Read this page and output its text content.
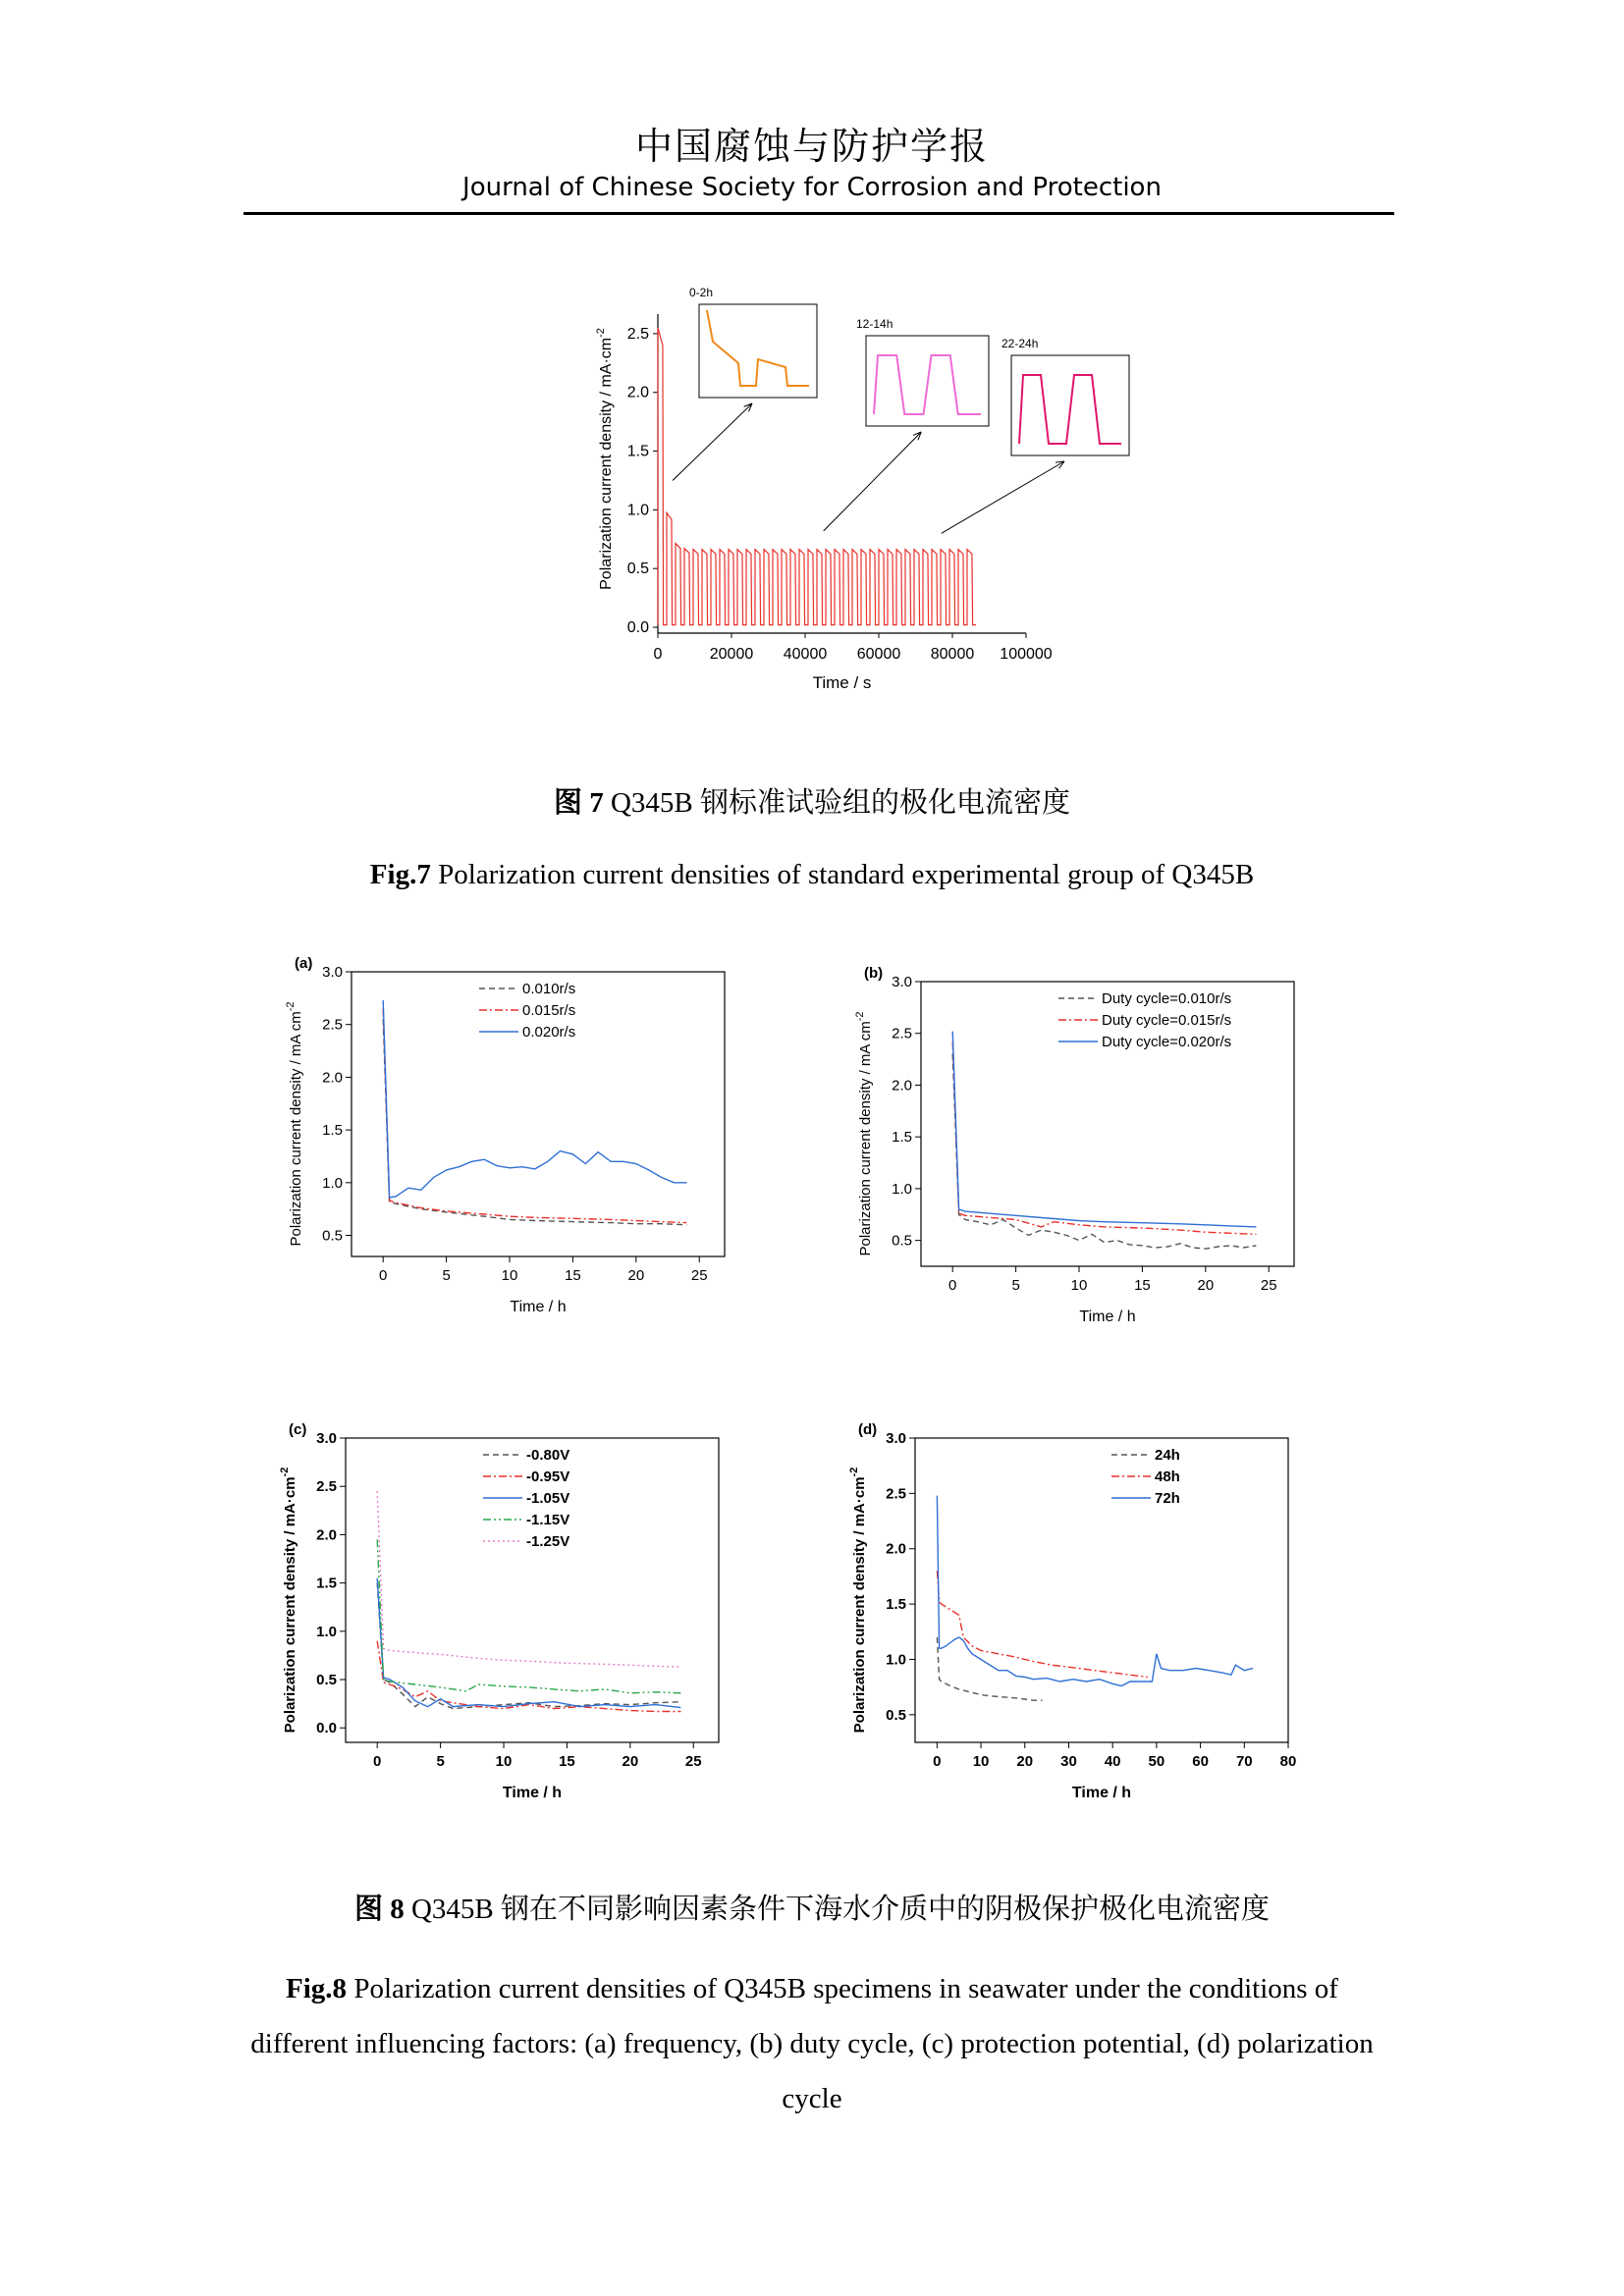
中国腐蚀与防护学报
Journal of Chinese Society for Corrosion and Protection
0.0
0.5
1.0
1.5
2.0
2.5
0	20000 40000 60000 80000 100000
Time / s
Polarization current density / $mA\cdot cm^{-2}$
0-2h
12-14h
22-24h
图 7 Q345B 钢标准试验组的极化电流密度
Fig.7 Polarization current densities of standard experimental group of Q345B
0	5	10	15	20	25
0.5
1.0
1.5
2.0
2.5
3.0
Time / h
Polarization current density / mA $cm^{-2}$
(a)
0.010r/s
0.015r/s
0.020r/s
0	5	10	15	20	25
0.5
1.0
1.5
2.0
2.5
3.0
Time / h
Polarization current density / mA $cm^{-2}$
(b)
Duty cycle=0.010r/s
Duty cycle=0.015r/s
Duty cycle=0.020r/s
0	5	10	15	20	25
0.0
0.5
1.0
1.5
2.0
2.5
3.0
Time / h
Polarization current density / $mA\cdot cm^{-2}$
(c)
-0.80V
-0.95V
-1.05V
-1.15V
-1.25V
0 10 20 30 40 50 60 70 80
0.5
1.0
1.5
2.0
2.5
3.0
Time / h
Polarization current density / $mA\cdot cm^{-2}$
(d)
24h
48h
72h
图 8 Q345B 钢在不同影响因素条件下海水介质中的阴极保护极化电流密度
Fig.8 Polarization current densities of Q345B specimens in seawater under the conditions of different influencing factors: (a) frequency, (b) duty cycle, (c) protection potential, (d) polarization cycle
